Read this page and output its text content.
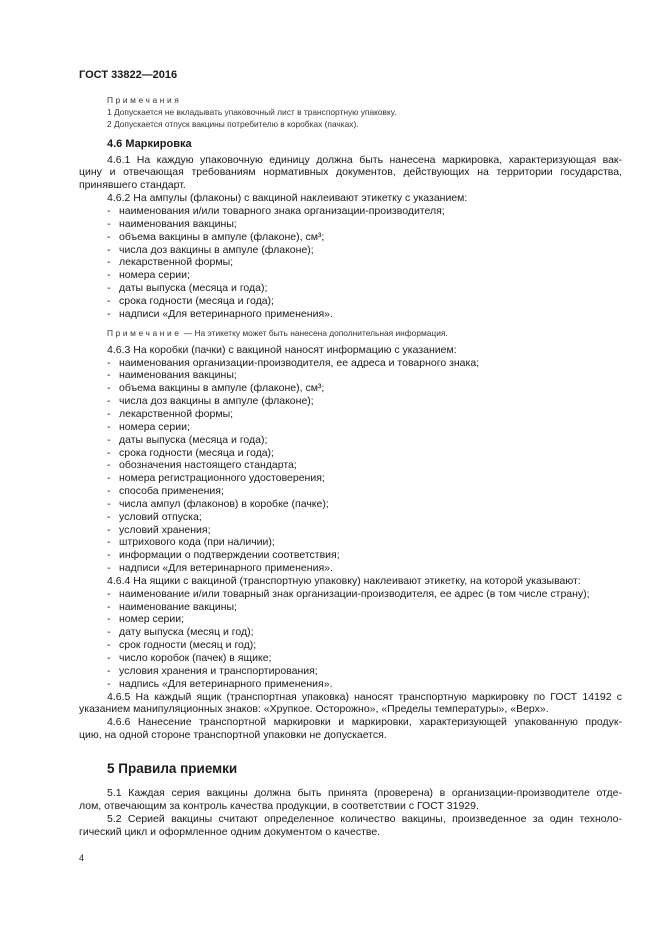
ГОСТ 33822—2016
Примечания
1 Допускается не вкладывать упаковочный лист в транспортную упаковку.
2 Допускается отпуск вакцины потребителю в коробках (пачках).
4.6 Маркировка
4.6.1 На каждую упаковочную единицу должна быть нанесена маркировка, характеризующая вак-
цину и отвечающая требованиям нормативных документов, действующих на территории государства,
принявшего стандарт.
4.6.2 На ампулы (флаконы) с вакциной наклеивают этикетку с указанием:
- наименования и/или товарного знака организации-производителя;
- наименования вакцины;
- объема вакцины в ампуле (флаконе), см³;
- числа доз вакцины в ампуле (флаконе);
- лекарственной формы;
- номера серии;
- даты выпуска (месяца и года);
- срока годности (месяца и года);
- надписи «Для ветеринарного применения».
Примечание — На этикетку может быть нанесена дополнительная информация.
4.6.3 На коробки (пачки) с вакциной наносят информацию с указанием:
- наименования организации-производителя, ее адреса и товарного знака;
- наименования вакцины;
- объема вакцины в ампуле (флаконе), см³;
- числа доз вакцины в ампуле (флаконе);
- лекарственной формы;
- номера серии;
- даты выпуска (месяца и года);
- срока годности (месяца и года);
- обозначения настоящего стандарта;
- номера регистрационного удостоверения;
- способа применения;
- числа ампул (флаконов) в коробке (пачке);
- условий отпуска;
- условий хранения;
- штрихового кода (при наличии);
- информации о подтверждении соответствия;
- надписи «Для ветеринарного применения».
4.6.4 На ящики с вакциной (транспортную упаковку) наклеивают этикетку, на которой указывают:
- наименование и/или товарный знак организации-производителя, ее адрес (в том числе страну);
- наименование вакцины;
- номер серии;
- дату выпуска (месяц и год);
- срок годности (месяц и год);
- число коробок (пачек) в ящике;
- условия хранения и транспортирования;
- надпись «Для ветеринарного применения».
4.6.5 На каждый ящик (транспортная упаковка) наносят транспортную маркировку по ГОСТ 14192 с
указанием манипуляционных знаков: «Хрупкое. Осторожно», «Пределы температуры», «Верх».
4.6.6 Нанесение транспортной маркировки и маркировки, характеризующей упакованную продук-
цию, на одной стороне транспортной упаковки не допускается.
5 Правила приемки
5.1 Каждая серия вакцины должна быть принята (проверена) в организации-производителе отде-
лом, отвечающим за контроль качества продукции, в соответствии с ГОСТ 31929.
5.2 Серией вакцины считают определенное количество вакцины, произведенное за один техноло-
гический цикл и оформленное одним документом о качестве.
4
